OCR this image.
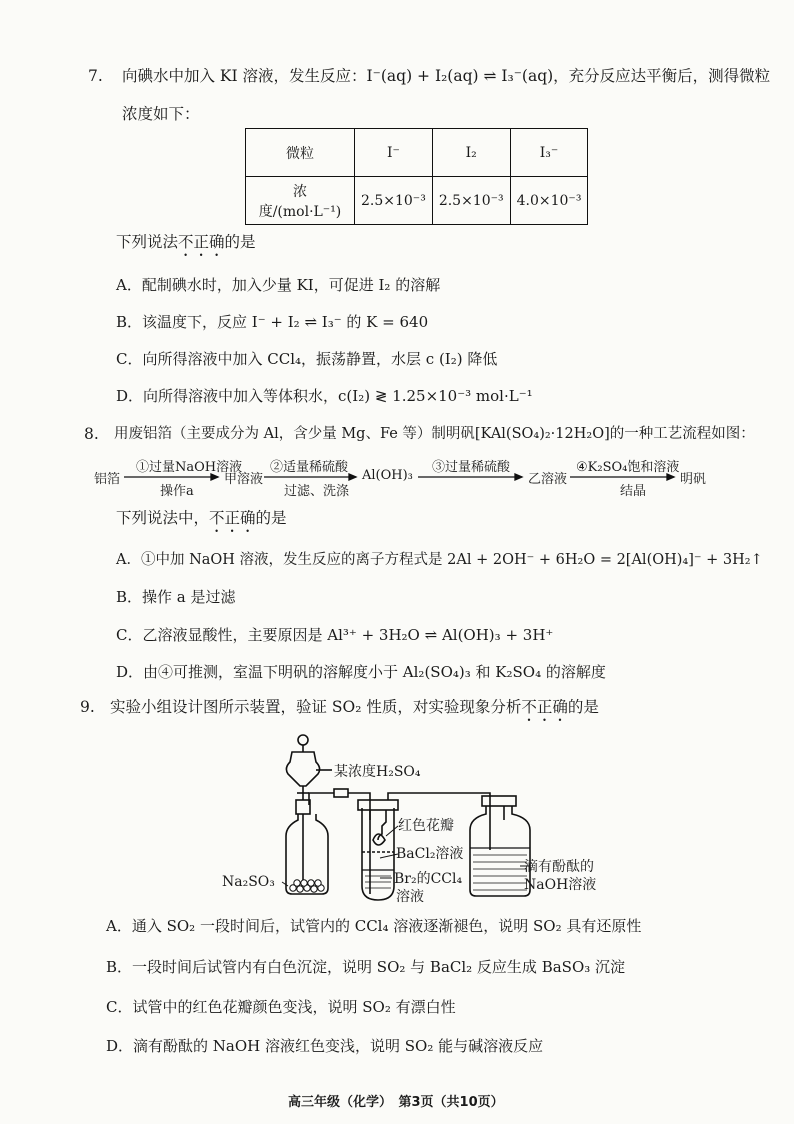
7. 向碘水中加入 KI 溶液，发生反应：I⁻(aq) + I₂(aq) ⇌ I₃⁻(aq)，充分反应达平衡后，测得微粒
浓度如下：
微粒	I⁻	I₂	I₃⁻
浓度/(mol·L⁻¹)	2.5×10⁻³	2.5×10⁻³	4.0×10⁻³
下列说法不正确的是
A．配制碘水时，加入少量 KI，可促进 I₂ 的溶解
B．该温度下，反应 I⁻ + I₂ ⇌ I₃⁻ 的 K = 640
C．向所得溶液中加入 CCl₄，振荡静置，水层 c (I₂) 降低
D．向所得溶液中加入等体积水，c(I₂) ≷ 1.25×10⁻³ mol·L⁻¹
8. 用废铝箔（主要成分为 Al，含少量 Mg、Fe 等）制明矾[KAl(SO₄)₂·12H₂O]的一种工艺流程如图：
铝箔
①过量NaOH溶液
操作a
甲溶液
②适量稀硫酸
过滤、洗涤
Al(OH)₃
③过量稀硫酸
乙溶液
④K₂SO₄饱和溶液
结晶
明矾
下列说法中，不正确的是
A．①中加 NaOH 溶液，发生反应的离子方程式是 2Al + 2OH⁻ + 6H₂O = 2[Al(OH)₄]⁻ + 3H₂↑
B．操作 a 是过滤
C．乙溶液显酸性，主要原因是 Al³⁺ + 3H₂O ⇌ Al(OH)₃ + 3H⁺
D．由④可推测，室温下明矾的溶解度小于 Al₂(SO₄)₃ 和 K₂SO₄ 的溶解度
9. 实验小组设计图所示装置，验证 SO₂ 性质，对实验现象分析不正确的是
某浓度H₂SO₄
Na₂SO₃
红色花瓣
BaCl₂溶液
Br₂的CCl₄
溶液
滴有酚酞的
NaOH溶液
A．通入 SO₂ 一段时间后，试管内的 CCl₄ 溶液逐渐褪色，说明 SO₂ 具有还原性
B．一段时间后试管内有白色沉淀，说明 SO₂ 与 BaCl₂ 反应生成 BaSO₃ 沉淀
C．试管中的红色花瓣颜色变浅，说明 SO₂ 有漂白性
D．滴有酚酞的 NaOH 溶液红色变浅，说明 SO₂ 能与碱溶液反应
高三年级（化学）　第3页（共10页）
